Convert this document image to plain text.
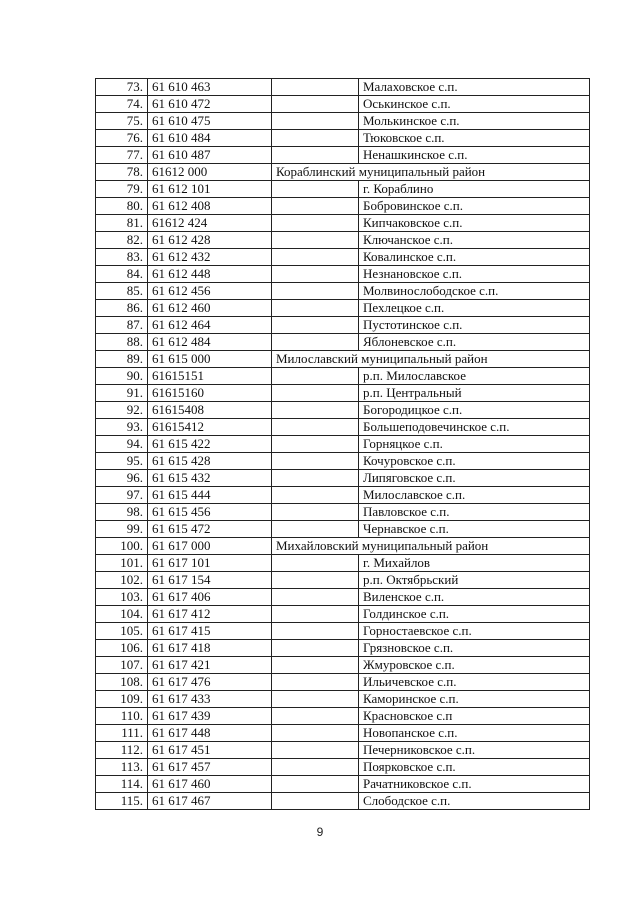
73.	61 610 463		Малаховское с.п.
74.	61 610 472		Оськинское с.п.
75.	61 610 475		Молькинское с.п.
76.	61 610 484		Тюковское с.п.
77.	61 610 487		Ненашкинское с.п.
78.	61612 000	Кораблинский муниципальный район	
79.	61 612 101		г. Кораблино
80.	61 612 408		Бобровинское с.п.
81.	61612 424		Кипчаковское с.п.
82.	61 612 428		Ключанское с.п.
83.	61 612 432		Ковалинское с.п.
84.	61 612 448		Незнановское с.п.
85.	61 612 456		Молвинослободское с.п.
86.	61 612 460		Пехлецкое с.п.
87.	61 612 464		Пустотинское с.п.
88.	61 612 484		Яблоневское с.п.
89.	61 615 000	Милославский муниципальный район	
90.	61615151		р.п. Милославское
91.	61615160		р.п. Центральный
92.	61615408		Богородицкое с.п.
93.	61615412		Большеподовечинское с.п.
94.	61 615 422		Горняцкое с.п.
95.	61 615 428		Кочуровское с.п.
96.	61 615 432		Липяговское с.п.
97.	61 615 444		Милославское с.п.
98.	61 615 456		Павловское с.п.
99.	61 615 472		Чернавское с.п.
100.	61 617 000	Михайловский муниципальный район	
101.	61 617 101		г. Михайлов
102.	61 617 154		р.п. Октябрьский
103.	61 617 406		Виленское с.п.
104.	61 617 412		Голдинское с.п.
105.	61 617 415		Горностаевское с.п.
106.	61 617 418		Грязновское с.п.
107.	61 617 421		Жмуровское с.п.
108.	61 617 476		Ильичевское с.п.
109.	61 617 433		Каморинское с.п.
110.	61 617 439		Красновское с.п
111.	61 617 448		Новопанское с.п.
112.	61 617 451		Печерниковское с.п.
113.	61 617 457		Поярковское с.п.
114.	61 617 460		Рачатниковское с.п.
115.	61 617 467		Слободское с.п.
9
